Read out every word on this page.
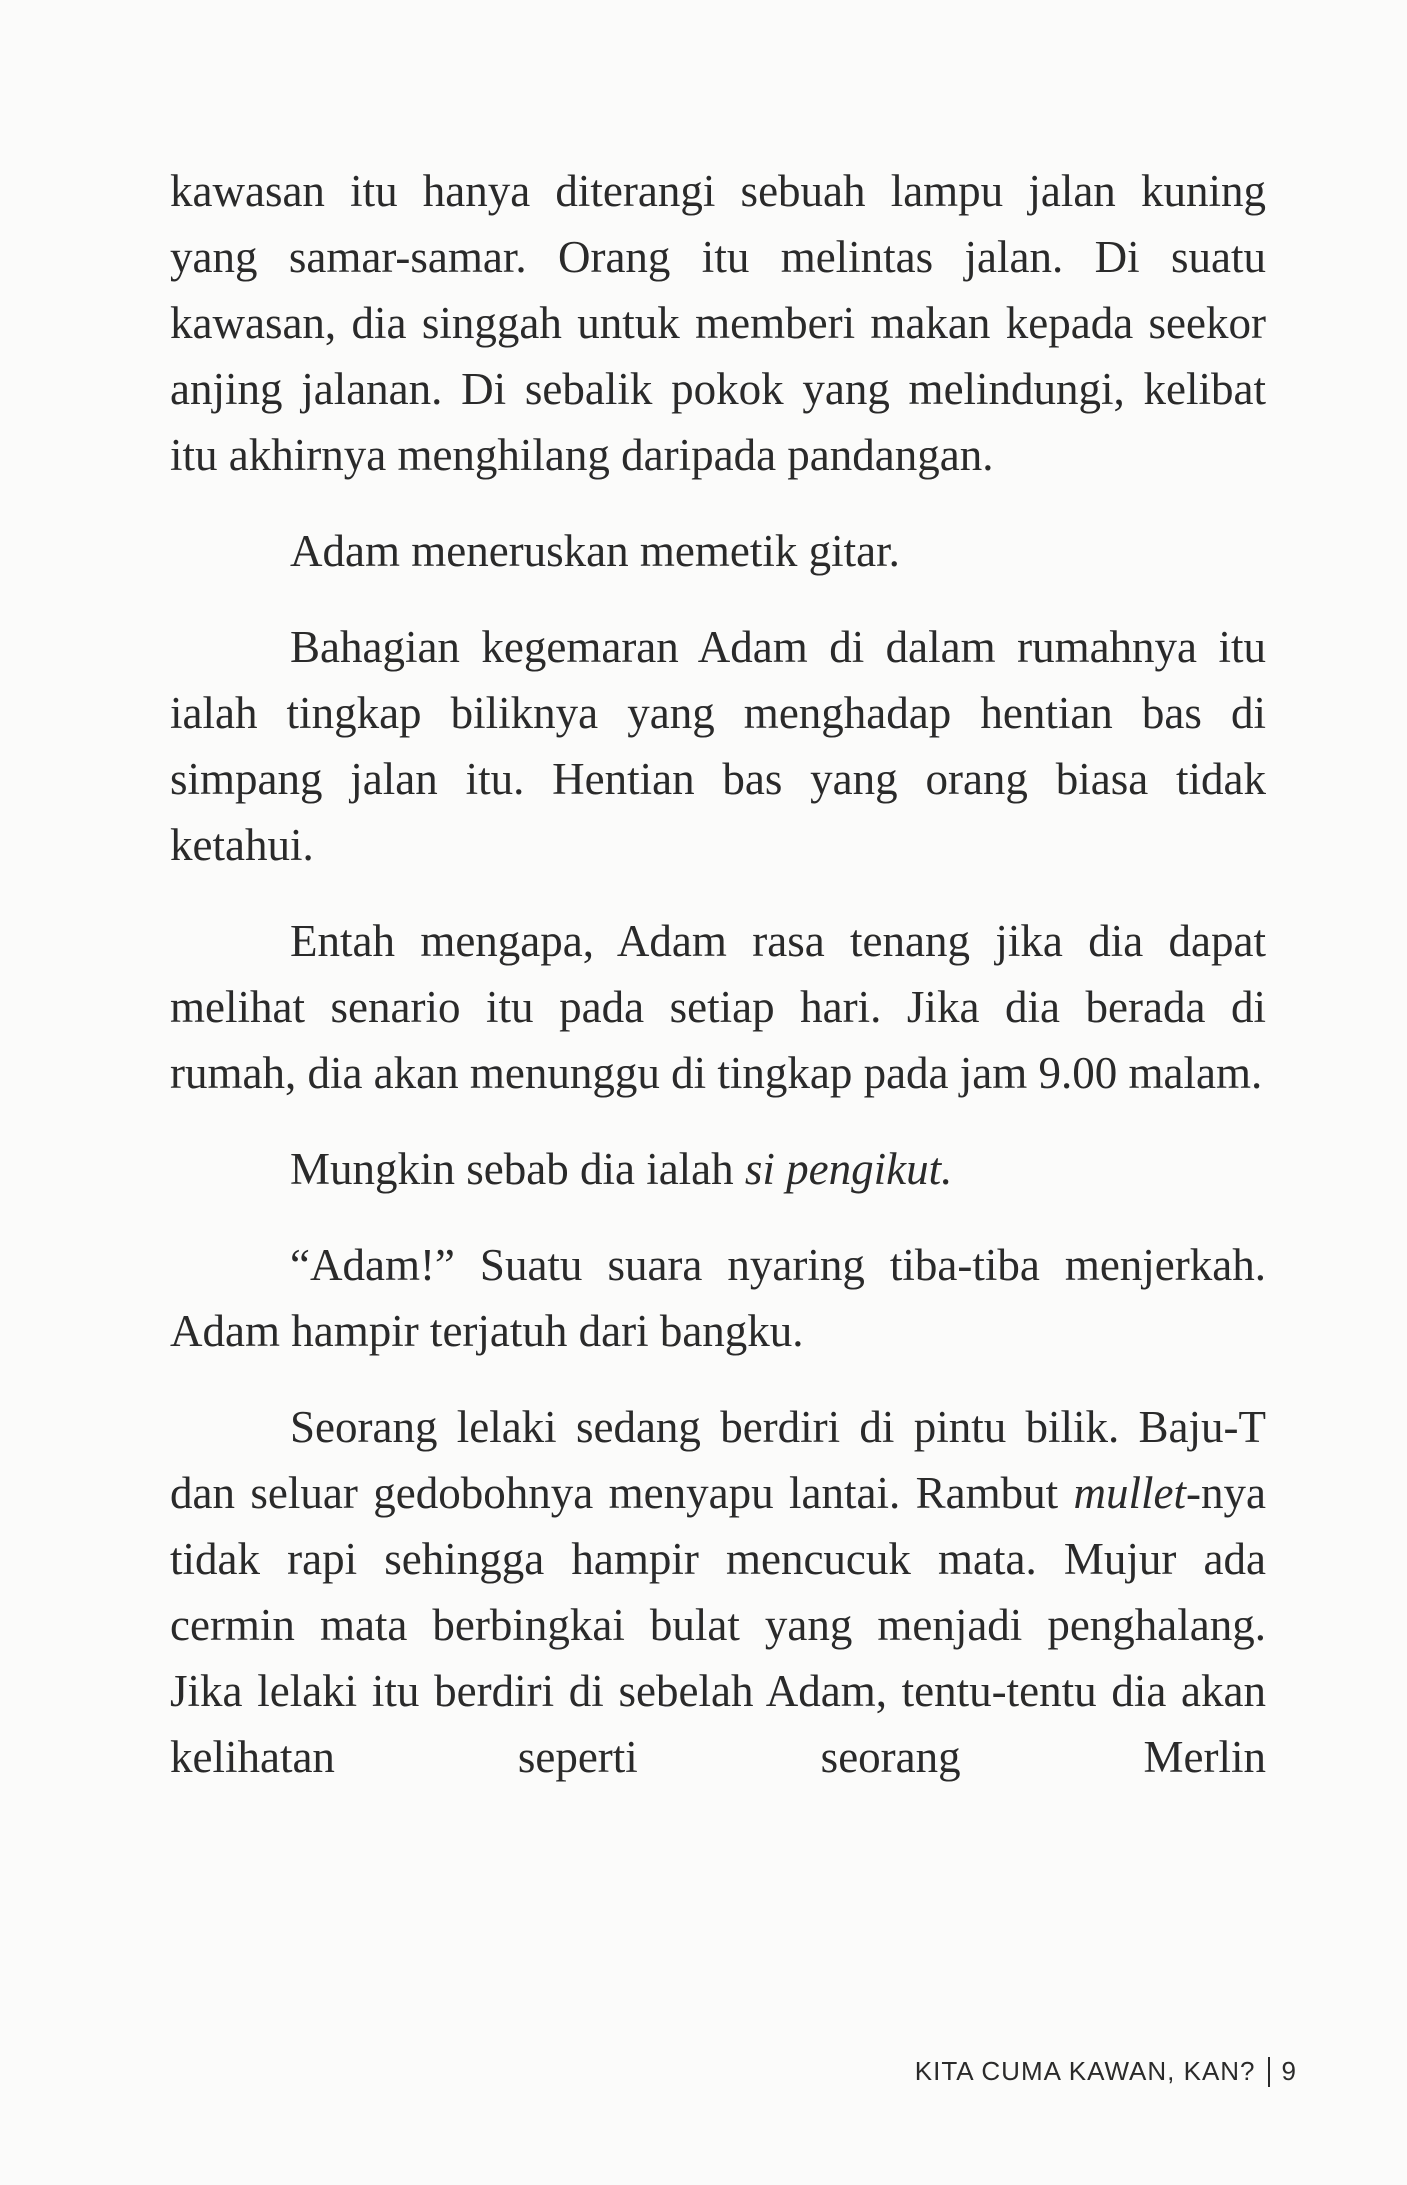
kawasan itu hanya diterangi sebuah lampu jalan kuning yang samar-samar. Orang itu melintas jalan. Di suatu kawasan, dia singgah untuk memberi makan kepada seekor anjing jalanan. Di sebalik pokok yang melindungi, kelibat itu akhirnya menghilang daripada pandangan.

Adam meneruskan memetik gitar.

Bahagian kegemaran Adam di dalam rumahnya itu ialah tingkap biliknya yang menghadap hentian bas di simpang jalan itu. Hentian bas yang orang biasa tidak ketahui.

Entah mengapa, Adam rasa tenang jika dia dapat melihat senario itu pada setiap hari. Jika dia berada di rumah, dia akan menunggu di tingkap pada jam 9.00 malam.

Mungkin sebab dia ialah si pengikut.

“Adam!” Suatu suara nyaring tiba-tiba menjerkah. Adam hampir terjatuh dari bangku.

Seorang lelaki sedang berdiri di pintu bilik. Baju-T dan seluar gedobohnya menyapu lantai. Rambut mullet-nya tidak rapi sehingga hampir mencucuk mata. Mujur ada cermin mata berbingkai bulat yang menjadi penghalang. Jika lelaki itu berdiri di sebelah Adam, tentu-tentu dia akan kelihatan seperti seorang Merlin

KITA CUMA KAWAN, KAN? 9
